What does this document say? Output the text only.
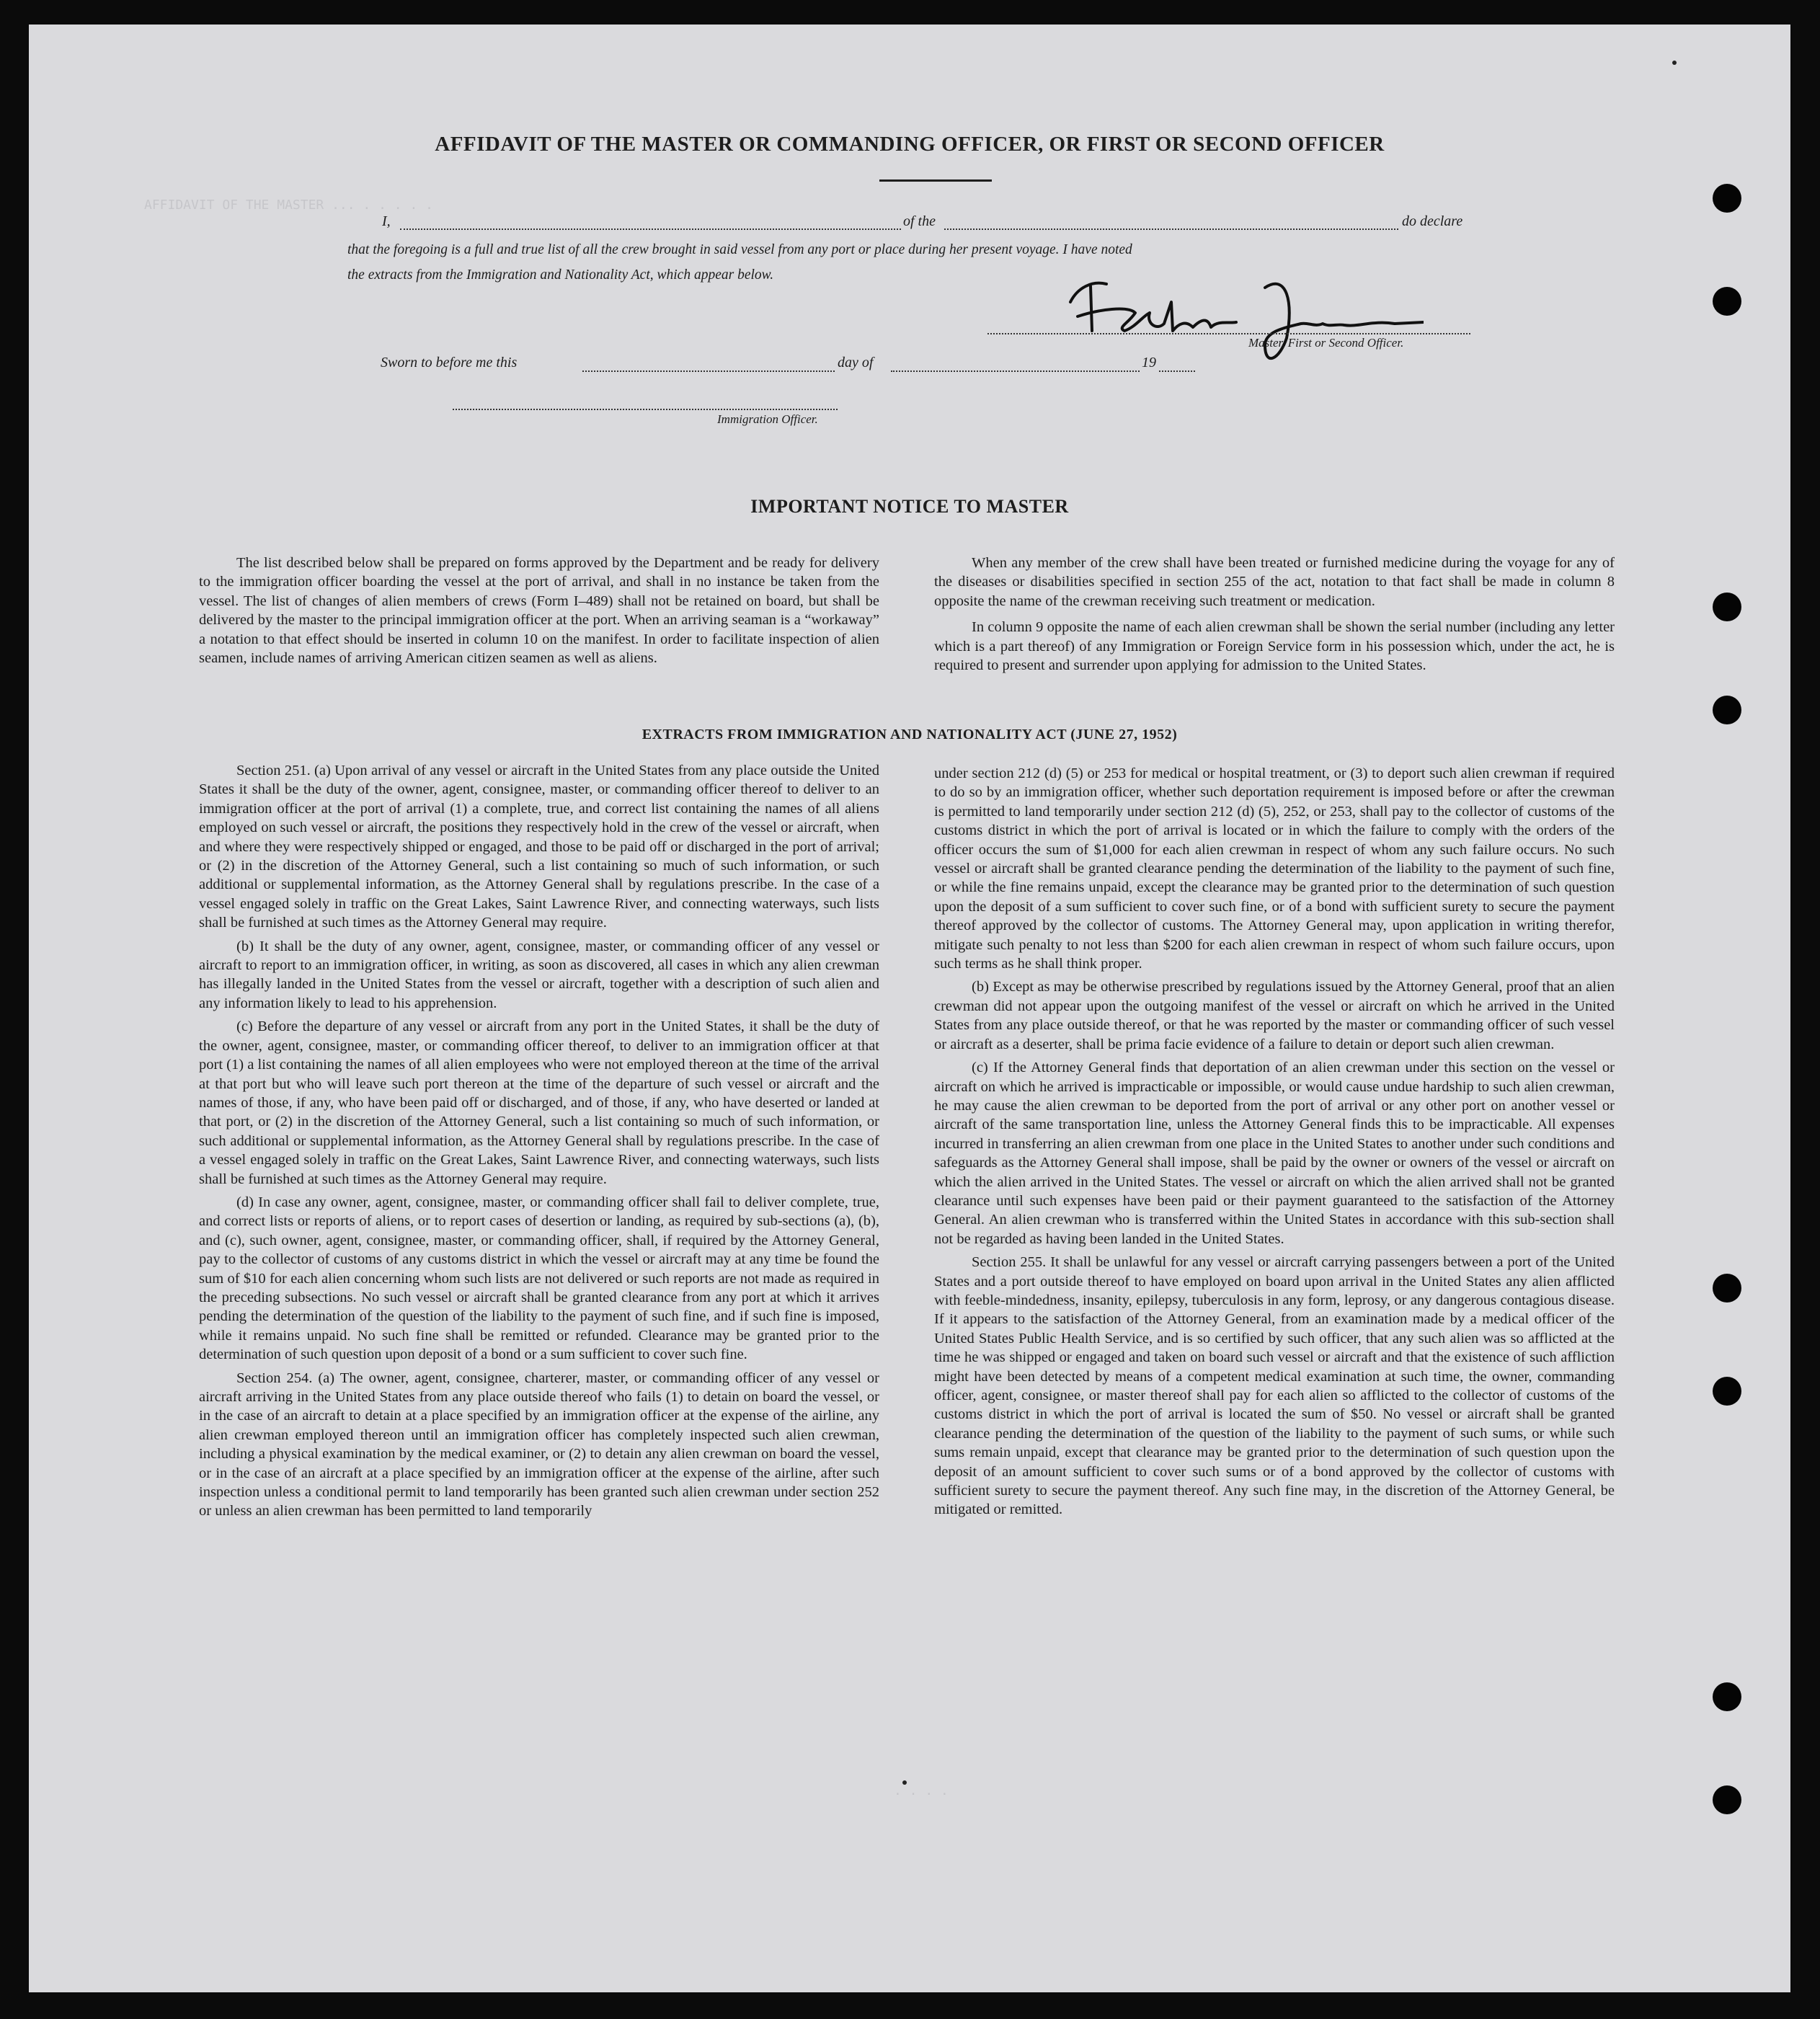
AFFIDAVIT OF THE MASTER ... . . . . .
. . . .
AFFIDAVIT OF THE MASTER OR COMMANDING OFFICER, OR FIRST OR SECOND OFFICER
I,	of the	do declare
that the foregoing is a full and true list of all the crew brought in said vessel from any port or place during her present voyage. I have noted
the extracts from the Immigration and Nationality Act, which appear below.
Master, First or Second Officer.
Sworn to before me this	day of	19
Immigration Officer.
IMPORTANT NOTICE TO MASTER

The list described below shall be prepared on forms approved by the Department and be ready for delivery to the immigration officer boarding the vessel at the port of arrival, and shall in no instance be taken from the vessel. The list of changes of alien members of crews (Form I–489) shall not be retained on board, but shall be delivered by the master to the principal immigration officer at the port. When an arriving seaman is a “workaway” a notation to that effect should be inserted in column 10 on the manifest. In order to facilitate inspection of alien seamen, include names of arriving American citizen seamen as well as aliens.

When any member of the crew shall have been treated or furnished medicine during the voyage for any of the diseases or disabilities specified in section 255 of the act, notation to that fact shall be made in column 8 opposite the name of the crewman receiving such treatment or medication.

In column 9 opposite the name of each alien crewman shall be shown the serial number (including any letter which is a part thereof) of any Immigration or Foreign Service form in his possession which, under the act, he is required to present and surrender upon applying for admission to the United States.

EXTRACTS FROM IMMIGRATION AND NATIONALITY ACT (JUNE 27, 1952)

Section 251. (a) Upon arrival of any vessel or aircraft in the United States from any place outside the United States it shall be the duty of the owner, agent, consignee, master, or commanding officer thereof to deliver to an immigration officer at the port of arrival (1) a complete, true, and correct list containing the names of all aliens employed on such vessel or aircraft, the positions they respectively hold in the crew of the vessel or aircraft, when and where they were respectively shipped or engaged, and those to be paid off or discharged in the port of arrival; or (2) in the discretion of the Attorney General, such a list containing so much of such information, or such additional or supplemental information, as the Attorney General shall by regulations prescribe. In the case of a vessel engaged solely in traffic on the Great Lakes, Saint Lawrence River, and connecting waterways, such lists shall be furnished at such times as the Attorney General may require.

(b) It shall be the duty of any owner, agent, consignee, master, or commanding officer of any vessel or aircraft to report to an immigration officer, in writing, as soon as discovered, all cases in which any alien crewman has illegally landed in the United States from the vessel or aircraft, together with a description of such alien and any information likely to lead to his apprehension.

(c) Before the departure of any vessel or aircraft from any port in the United States, it shall be the duty of the owner, agent, consignee, master, or commanding officer thereof, to deliver to an immigration officer at that port (1) a list containing the names of all alien employees who were not employed thereon at the time of the arrival at that port but who will leave such port thereon at the time of the departure of such vessel or aircraft and the names of those, if any, who have been paid off or discharged, and of those, if any, who have deserted or landed at that port, or (2) in the discretion of the Attorney General, such a list containing so much of such information, or such additional or supplemental information, as the Attorney General shall by regulations prescribe. In the case of a vessel engaged solely in traffic on the Great Lakes, Saint Lawrence River, and connecting waterways, such lists shall be furnished at such times as the Attorney General may require.

(d) In case any owner, agent, consignee, master, or commanding officer shall fail to deliver complete, true, and correct lists or reports of aliens, or to report cases of desertion or landing, as required by sub-sections (a), (b), and (c), such owner, agent, consignee, master, or commanding officer, shall, if required by the Attorney General, pay to the collector of customs of any customs district in which the vessel or aircraft may at any time be found the sum of $10 for each alien concerning whom such lists are not delivered or such reports are not made as required in the preceding subsections. No such vessel or aircraft shall be granted clearance from any port at which it arrives pending the determination of the question of the liability to the payment of such fine, and if such fine is imposed, while it remains unpaid. No such fine shall be remitted or refunded. Clearance may be granted prior to the determination of such question upon deposit of a bond or a sum sufficient to cover such fine.

Section 254. (a) The owner, agent, consignee, charterer, master, or commanding officer of any vessel or aircraft arriving in the United States from any place outside thereof who fails (1) to detain on board the vessel, or in the case of an aircraft to detain at a place specified by an immigration officer at the expense of the airline, any alien crewman employed thereon until an immigration officer has completely inspected such alien crewman, including a physical examination by the medical examiner, or (2) to detain any alien crewman on board the vessel, or in the case of an aircraft at a place specified by an immigration officer at the expense of the airline, after such inspection unless a conditional permit to land temporarily has been granted such alien crewman under section 252 or unless an alien crewman has been permitted to land temporarily

under section 212 (d) (5) or 253 for medical or hospital treatment, or (3) to deport such alien crewman if required to do so by an immigration officer, whether such deportation requirement is imposed before or after the crewman is permitted to land temporarily under section 212 (d) (5), 252, or 253, shall pay to the collector of customs of the customs district in which the port of arrival is located or in which the failure to comply with the orders of the officer occurs the sum of $1,000 for each alien crewman in respect of whom any such failure occurs. No such vessel or aircraft shall be granted clearance pending the determination of the liability to the payment of such fine, or while the fine remains unpaid, except the clearance may be granted prior to the determination of such question upon the deposit of a sum sufficient to cover such fine, or of a bond with sufficient surety to secure the payment thereof approved by the collector of customs. The Attorney General may, upon application in writing therefor, mitigate such penalty to not less than $200 for each alien crewman in respect of whom such failure occurs, upon such terms as he shall think proper.

(b) Except as may be otherwise prescribed by regulations issued by the Attorney General, proof that an alien crewman did not appear upon the outgoing manifest of the vessel or aircraft on which he arrived in the United States from any place outside thereof, or that he was reported by the master or commanding officer of such vessel or aircraft as a deserter, shall be prima facie evidence of a failure to detain or deport such alien crewman.

(c) If the Attorney General finds that deportation of an alien crewman under this section on the vessel or aircraft on which he arrived is impracticable or impossible, or would cause undue hardship to such alien crewman, he may cause the alien crewman to be deported from the port of arrival or any other port on another vessel or aircraft of the same transportation line, unless the Attorney General finds this to be impracticable. All expenses incurred in transferring an alien crewman from one place in the United States to another under such conditions and safeguards as the Attorney General shall impose, shall be paid by the owner or owners of the vessel or aircraft on which the alien arrived in the United States. The vessel or aircraft on which the alien arrived shall not be granted clearance until such expenses have been paid or their payment guaranteed to the satisfaction of the Attorney General. An alien crewman who is transferred within the United States in accordance with this sub-section shall not be regarded as having been landed in the United States.

Section 255. It shall be unlawful for any vessel or aircraft carrying passengers between a port of the United States and a port outside thereof to have employed on board upon arrival in the United States any alien afflicted with feeble-mindedness, insanity, epilepsy, tuberculosis in any form, leprosy, or any dangerous contagious disease. If it appears to the satisfaction of the Attorney General, from an examination made by a medical officer of the United States Public Health Service, and is so certified by such officer, that any such alien was so afflicted at the time he was shipped or engaged and taken on board such vessel or aircraft and that the existence of such affliction might have been detected by means of a competent medical examination at such time, the owner, commanding officer, agent, consignee, or master thereof shall pay for each alien so afflicted to the collector of customs of the customs district in which the port of arrival is located the sum of $50. No vessel or aircraft shall be granted clearance pending the determination of the question of the liability to the payment of such sums, or while such sums remain unpaid, except that clearance may be granted prior to the determination of such question upon the deposit of an amount sufficient to cover such sums or of a bond approved by the collector of customs with sufficient surety to secure the payment thereof. Any such fine may, in the discretion of the Attorney General, be mitigated or remitted.
